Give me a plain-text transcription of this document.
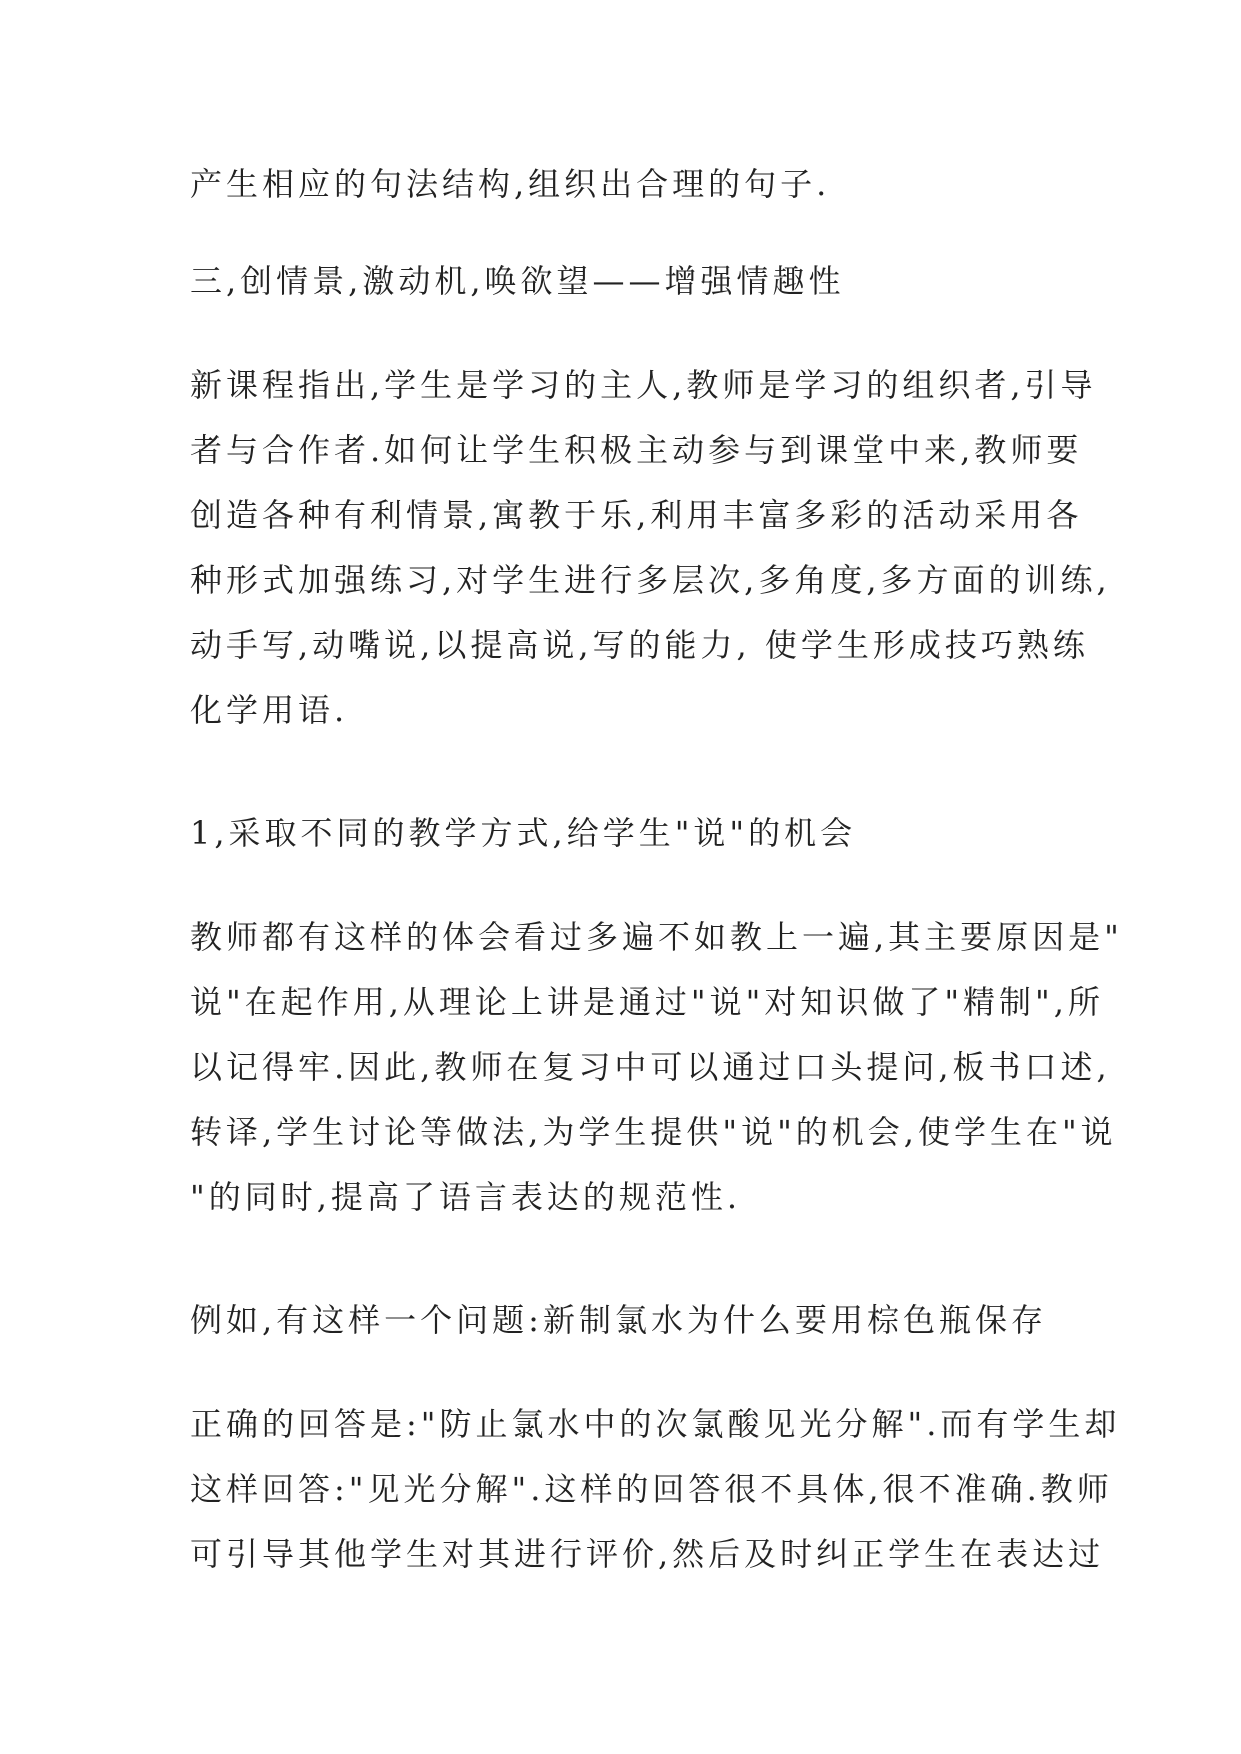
产生相应的句法结构,组织出合理的句子.
三,创情景,激动机,唤欲望——增强情趣性
新课程指出,学生是学习的主人,教师是学习的组织者,引导
者与合作者.如何让学生积极主动参与到课堂中来,教师要
创造各种有利情景,寓教于乐,利用丰富多彩的活动采用各
种形式加强练习,对学生进行多层次,多角度,多方面的训练,
动手写,动嘴说,以提高说,写的能力, 使学生形成技巧熟练
化学用语.
1,采取不同的教学方式,给学生"说"的机会
教师都有这样的体会看过多遍不如教上一遍,其主要原因是"
说"在起作用,从理论上讲是通过"说"对知识做了"精制",所
以记得牢.因此,教师在复习中可以通过口头提问,板书口述,
转译,学生讨论等做法,为学生提供"说"的机会,使学生在"说
"的同时,提高了语言表达的规范性.
例如,有这样一个问题:新制氯水为什么要用棕色瓶保存
正确的回答是:"防止氯水中的次氯酸见光分解".而有学生却
这样回答:"见光分解".这样的回答很不具体,很不准确.教师
可引导其他学生对其进行评价,然后及时纠正学生在表达过
